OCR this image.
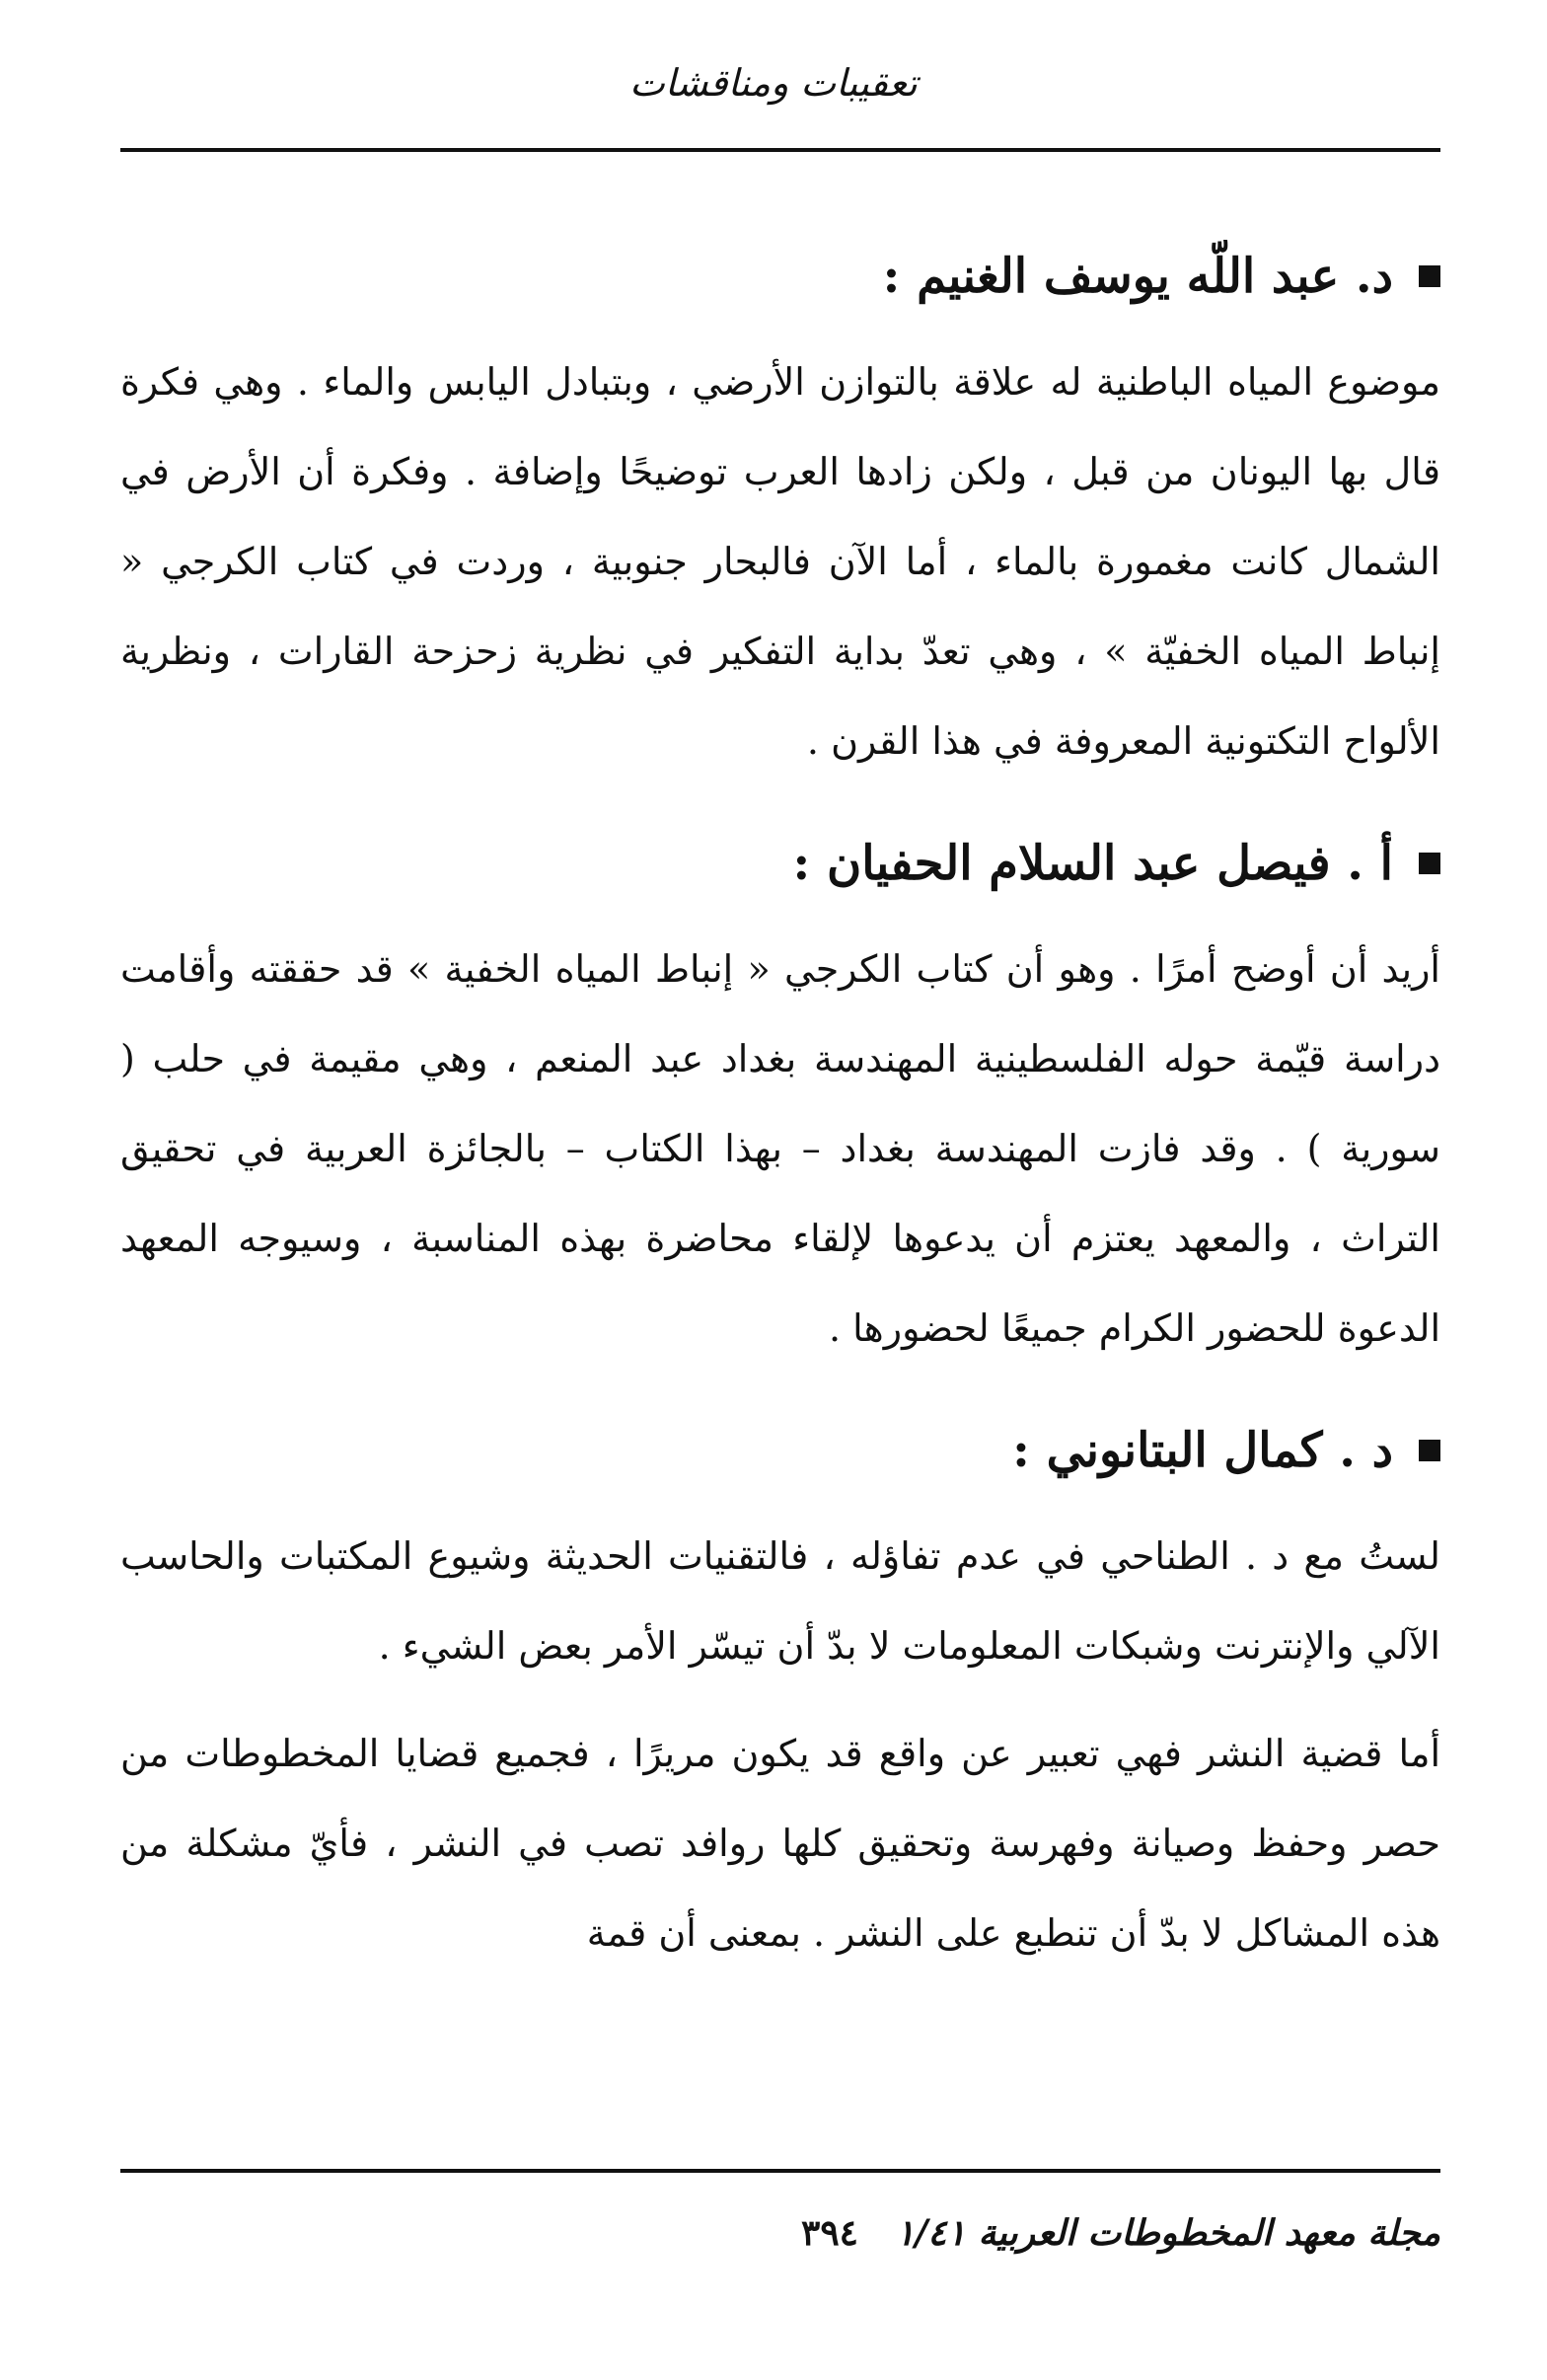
تعقيبات ومناقشات
د. عبد اللّه يوسف الغنيم :

موضوع المياه الباطنية له علاقة بالتوازن الأرضي ، وبتبادل اليابس والماء . وهي فكرة قال بها اليونان من قبل ، ولكن زادها العرب توضيحًا وإضافة . وفكرة أن الأرض في الشمال كانت مغمورة بالماء ، أما الآن فالبحار جنوبية ، وردت في كتاب الكرجي « إنباط المياه الخفيّة » ، وهي تعدّ بداية التفكير في نظرية زحزحة القارات ، ونظرية الألواح التكتونية المعروفة في هذا القرن .

أ . فيصل عبد السلام الحفيان :

أريد أن أوضح أمرًا . وهو أن كتاب الكرجي « إنباط المياه الخفية » قد حققته وأقامت دراسة قيّمة حوله الفلسطينية المهندسة بغداد عبد المنعم ، وهي مقيمة في حلب ( سورية ) . وقد فازت المهندسة بغداد – بهذا الكتاب – بالجائزة العربية في تحقيق التراث ، والمعهد يعتزم أن يدعوها لإلقاء محاضرة بهذه المناسبة ، وسيوجه المعهد الدعوة للحضور الكرام جميعًا لحضورها .

د . كمال البتانوني :

لستُ مع د . الطناحي في عدم تفاؤله ، فالتقنيات الحديثة وشيوع المكتبات والحاسب الآلي والإنترنت وشبكات المعلومات لا بدّ أن تيسّر الأمر بعض الشيء .

أما قضية النشر فهي تعبير عن واقع قد يكون مريرًا ، فجميع قضايا المخطوطات من حصر وحفظ وصيانة وفهرسة وتحقيق كلها روافد تصب في النشر ، فأيّ مشكلة من هذه المشاكل لا بدّ أن تنطبع على النشر . بمعنى أن قمة

مجلة معهد المخطوطات العربية ١/٤١
٣٩٤
